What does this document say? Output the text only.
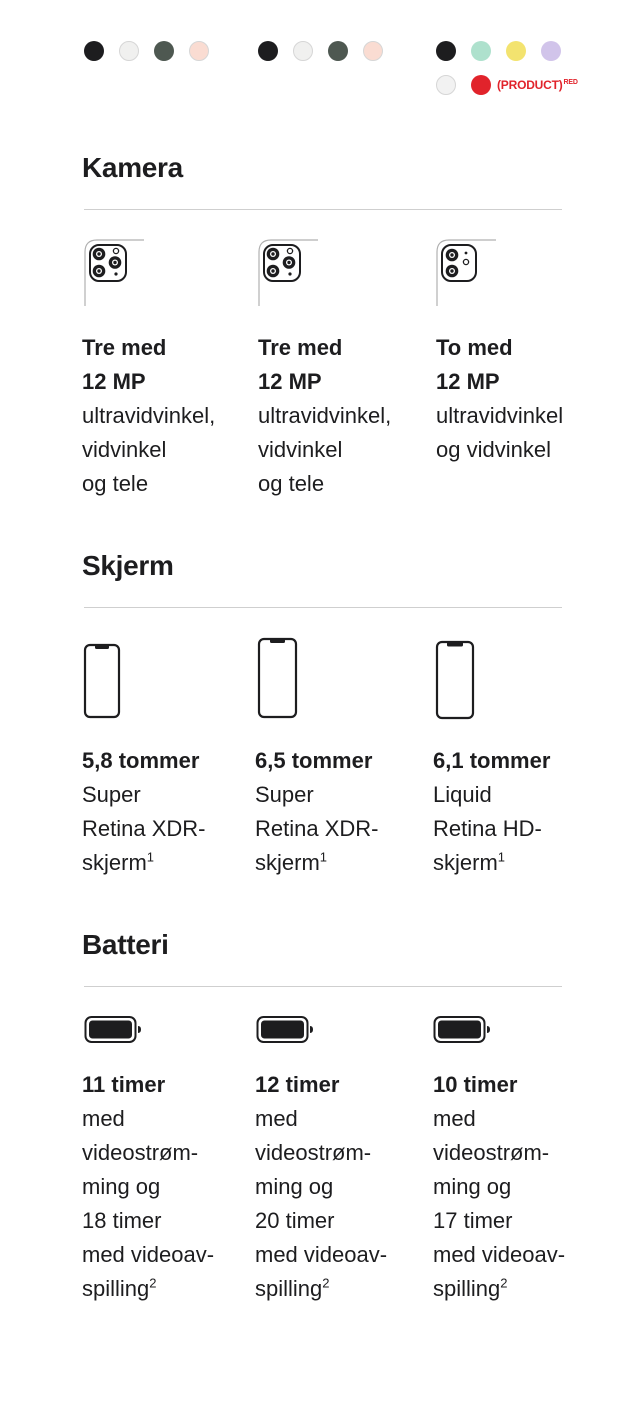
(PRODUCT)$^{RED}$
Kamera
Tre med
12 MP
ultravidvinkel,
vidvinkel
og tele
Tre med
12 MP
ultravidvinkel,
vidvinkel
og tele
To med
12 MP
ultravidvinkel
og vidvinkel
Skjerm
5,8 tommer
Super
Retina XDR-
skjerm$^1$
6,5 tommer
Super
Retina XDR-
skjerm$^1$
6,1 tommer
Liquid
Retina HD-
skjerm$^1$
Batteri
11 timer
med
videostrøm-
ming og
18 timer
med videoav-
spilling$^2$
12 timer
med
videostrøm-
ming og
20 timer
med videoav-
spilling$^2$
10 timer
med
videostrøm-
ming og
17 timer
med videoav-
spilling$^2$
